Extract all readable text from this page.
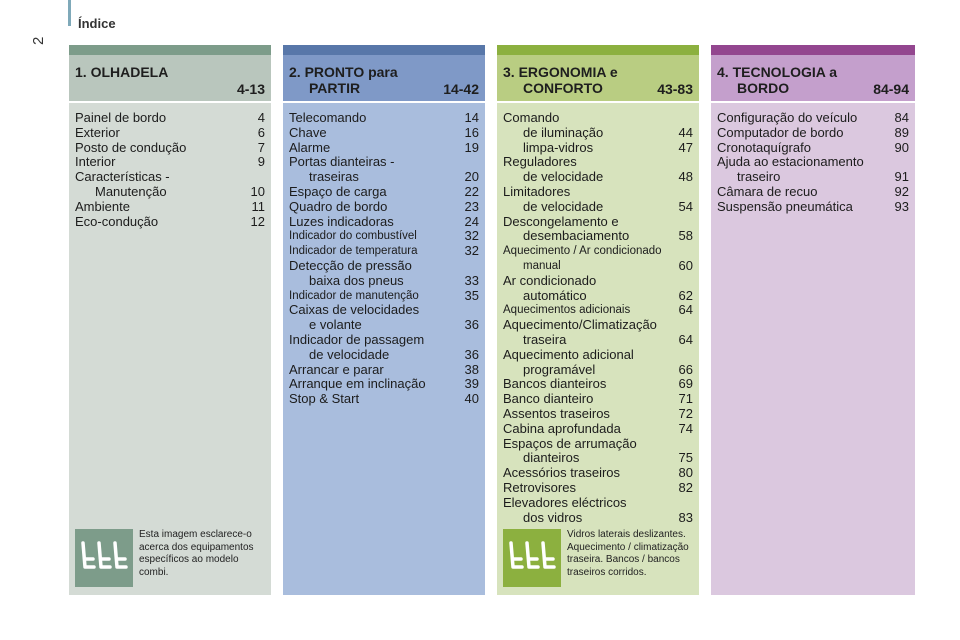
2
Índice
1. OLHADELA
4-13
Painel de bordo	4
Exterior	6
Posto de condução	7
Interior	9
Características -
Manutenção	10
Ambiente	11
Eco-condução	12
Esta imagem esclarece-o acerca dos equipamentos específicos ao modelo combi.
2. PRONTO para
PARTIR	14-42
Telecomando	14
Chave	16
Alarme	19
Portas dianteiras -
traseiras	20
Espaço de carga	22
Quadro de bordo	23
Luzes indicadoras	24
Indicador do combustível	32
Indicador de temperatura	32
Detecção de pressão
baixa dos pneus	33
Indicador de manutenção	35
Caixas de velocidades
e volante	36
Indicador de passagem
de velocidade	36
Arrancar e parar	38
Arranque em inclinação	39
Stop & Start	40
3. ERGONOMIA e
CONFORTO	43-83
Comando
de iluminação	44
limpa-vidros	47
Reguladores
de velocidade	48
Limitadores
de velocidade	54
Descongelamento e
desembaciamento	58
Aquecimento / Ar condicionado
manual	60
Ar condicionado
automático	62
Aquecimentos adicionais	64
Aquecimento/Climatização
traseira	64
Aquecimento adicional
programável	66
Bancos dianteiros	69
Banco dianteiro	71
Assentos traseiros	72
Cabina aprofundada	74
Espaços de arrumação
dianteiros	75
Acessórios traseiros	80
Retrovisores	82
Elevadores eléctricos
dos vidros	83
Vidros laterais deslizantes. Aquecimento / climatização traseira. Bancos / bancos traseiros corridos.
4. TECNOLOGIA a
BORDO	84-94
Configuração do veículo	84
Computador de bordo	89
Cronotaquígrafo	90
Ajuda ao estacionamento
traseiro	91
Câmara de recuo	92
Suspensão pneumática	93
